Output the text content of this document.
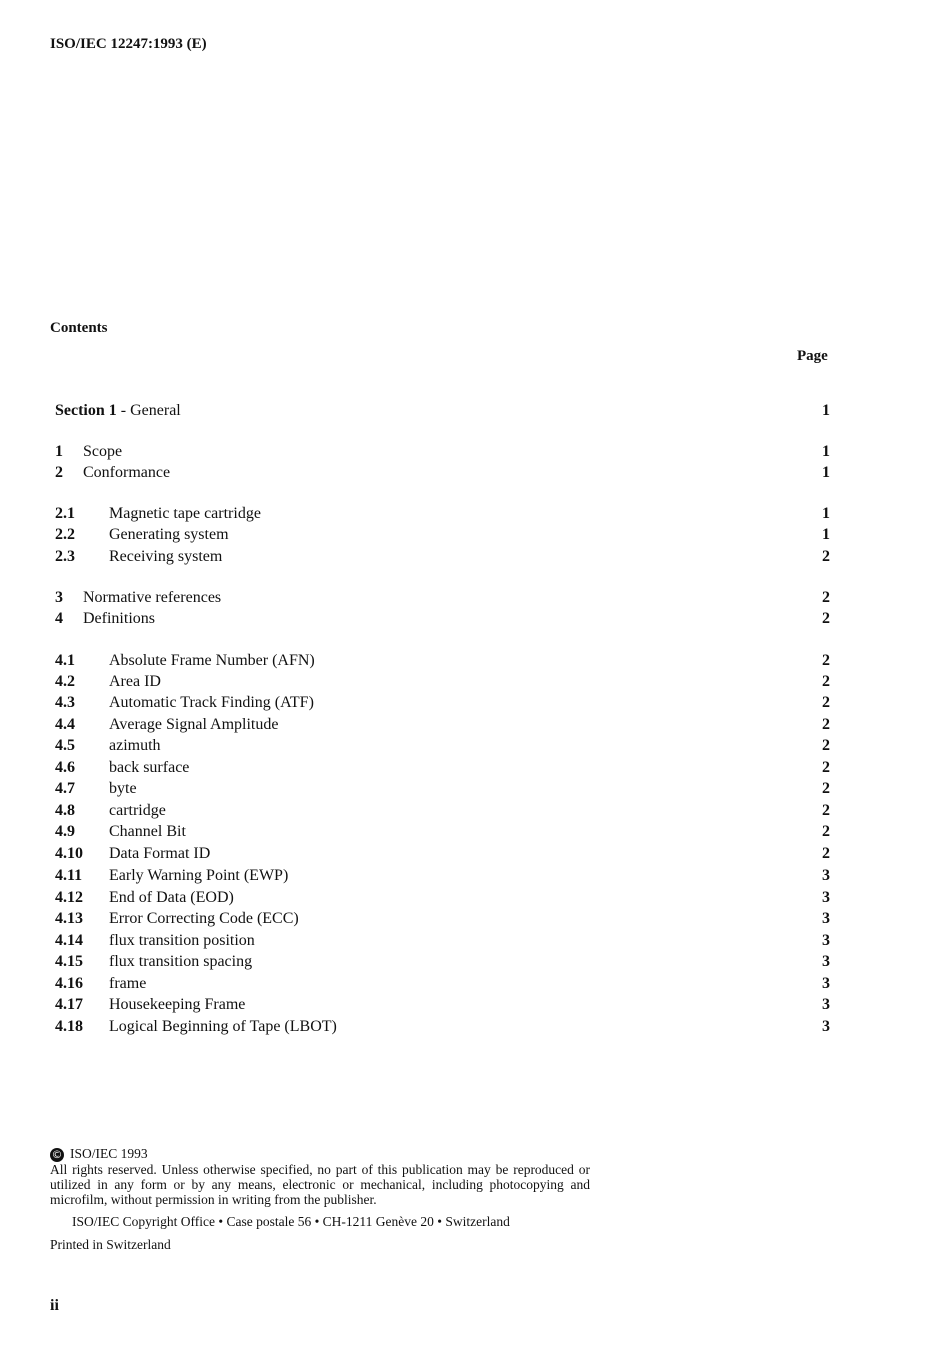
ISO/IEC 12247:1993 (E)
Contents
Page
Section 1 - General	1
1 Scope	1
2 Conformance	1
2.1 Magnetic tape cartridge	1
2.2 Generating system	1
2.3 Receiving system	2
3 Normative references	2
4 Definitions	2
4.1 Absolute Frame Number (AFN)	2
4.2 Area ID	2
4.3 Automatic Track Finding (ATF)	2
4.4 Average Signal Amplitude	2
4.5 azimuth	2
4.6 back surface	2
4.7 byte	2
4.8 cartridge	2
4.9 Channel Bit	2
4.10 Data Format ID	2
4.11 Early Warning Point (EWP)	3
4.12 End of Data (EOD)	3
4.13 Error Correcting Code (ECC)	3
4.14 flux transition position	3
4.15 flux transition spacing	3
4.16 frame	3
4.17 Housekeeping Frame	3
4.18 Logical Beginning of Tape (LBOT)	3
© ISO/IEC 1993
All rights reserved. Unless otherwise specified, no part of this publication may be reproduced or utilized in any form or by any means, electronic or mechanical, including photocopying and microfilm, without permission in writing from the publisher.
ISO/IEC Copyright Office • Case postale 56 • CH-1211 Genève 20 • Switzerland
Printed in Switzerland
ii
